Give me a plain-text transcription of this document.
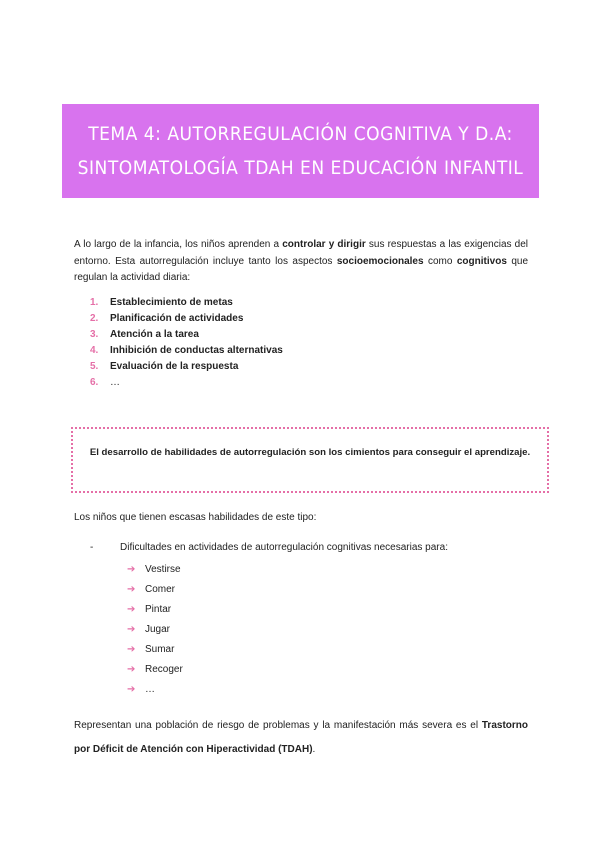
TEMA 4: AUTORREGULACIÓN COGNITIVA Y D.A:
SINTOMATOLOGÍA TDAH EN EDUCACIÓN INFANTIL
A lo largo de la infancia, los niños aprenden a controlar y dirigir sus respuestas a las exigencias del entorno. Esta autorregulación incluye tanto los aspectos socioemocionales como cognitivos que regulan la actividad diaria:
1.	Establecimiento de metas
2.	Planificación de actividades
3.	Atención a la tarea
4.	Inhibición de conductas alternativas
5.	Evaluación de la respuesta
6.	…
El desarrollo de habilidades de autorregulación son los cimientos para conseguir el aprendizaje.
Los niños que tienen escasas habilidades de este tipo:
-	Dificultades en actividades de autorregulación cognitivas necesarias para:
➔ Vestirse
➔ Comer
➔ Pintar
➔ Jugar
➔ Sumar
➔ Recoger
➔ …
Representan una población de riesgo de problemas y la manifestación más severa es el Trastorno por Déficit de Atención con Hiperactividad (TDAH).
